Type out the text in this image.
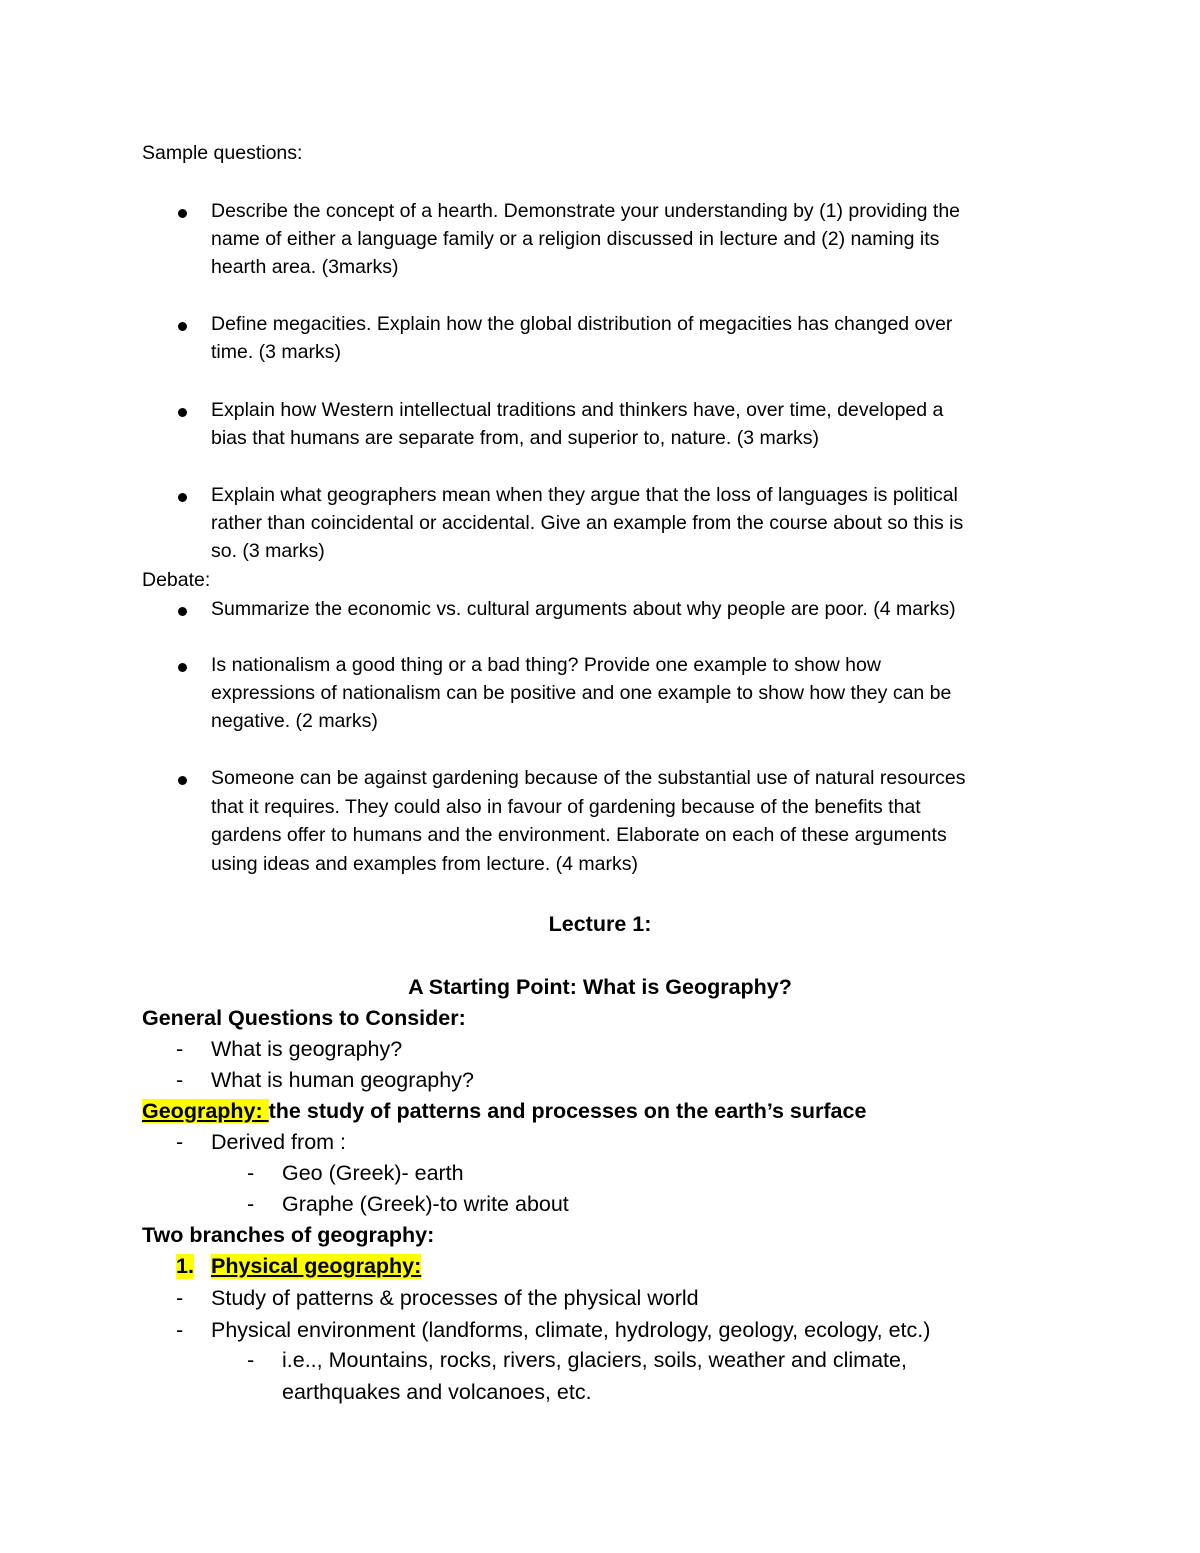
Sample questions:
Describe the concept of a hearth. Demonstrate your understanding by (1) providing the
name of either a language family or a religion discussed in lecture and (2) naming its
hearth area. (3marks)
Define megacities. Explain how the global distribution of megacities has changed over
time. (3 marks)
Explain how Western intellectual traditions and thinkers have, over time, developed a
bias that humans are separate from, and superior to, nature. (3 marks)
Explain what geographers mean when they argue that the loss of languages is political
rather than coincidental or accidental. Give an example from the course about so this is
so. (3 marks)
Debate:
Summarize the economic vs. cultural arguments about why people are poor. (4 marks)
Is nationalism a good thing or a bad thing? Provide one example to show how
expressions of nationalism can be positive and one example to show how they can be
negative. (2 marks)
Someone can be against gardening because of the substantial use of natural resources
that it requires. They could also in favour of gardening because of the benefits that
gardens offer to humans and the environment. Elaborate on each of these arguments
using ideas and examples from lecture. (4 marks)
Lecture 1:
A Starting Point: What is Geography?
General Questions to Consider:
- What is geography?
- What is human geography?
Geography: the study of patterns and processes on the earth’s surface
- Derived from :
- Geo (Greek)- earth
- Graphe (Greek)-to write about
Two branches of geography:
1. Physical geography:
- Study of patterns & processes of the physical world
- Physical environment (landforms, climate, hydrology, geology, ecology, etc.)
- i.e.., Mountains, rocks, rivers, glaciers, soils, weather and climate,
earthquakes and volcanoes, etc.
